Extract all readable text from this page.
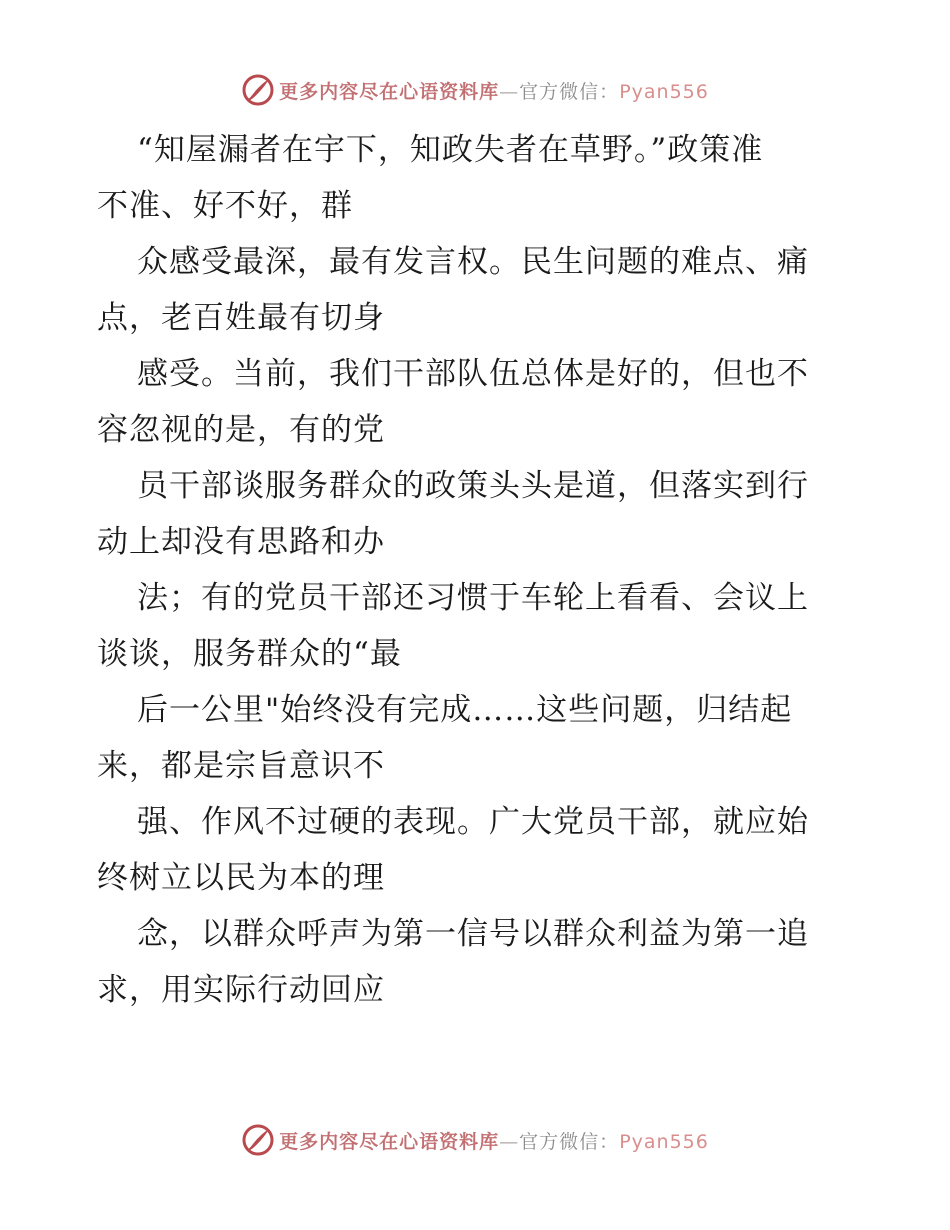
更多内容尽在心语资料库—官方微信：Pyan556
“知屋漏者在宇下，知政失者在草野。”政策准
不准、好不好，群
众感受最深，最有发言权。民生问题的难点、痛
点，老百姓最有切身
感受。当前，我们干部队伍总体是好的，但也不
容忽视的是，有的党
员干部谈服务群众的政策头头是道，但落实到行
动上却没有思路和办
法；有的党员干部还习惯于车轮上看看、会议上
谈谈，服务群众的“最
后一公里"始终没有完成……这些问题，归结起
来，都是宗旨意识不
强、作风不过硬的表现。广大党员干部，就应始
终树立以民为本的理
念，以群众呼声为第一信号以群众利益为第一追
求，用实际行动回应
更多内容尽在心语资料库—官方微信：Pyan556
